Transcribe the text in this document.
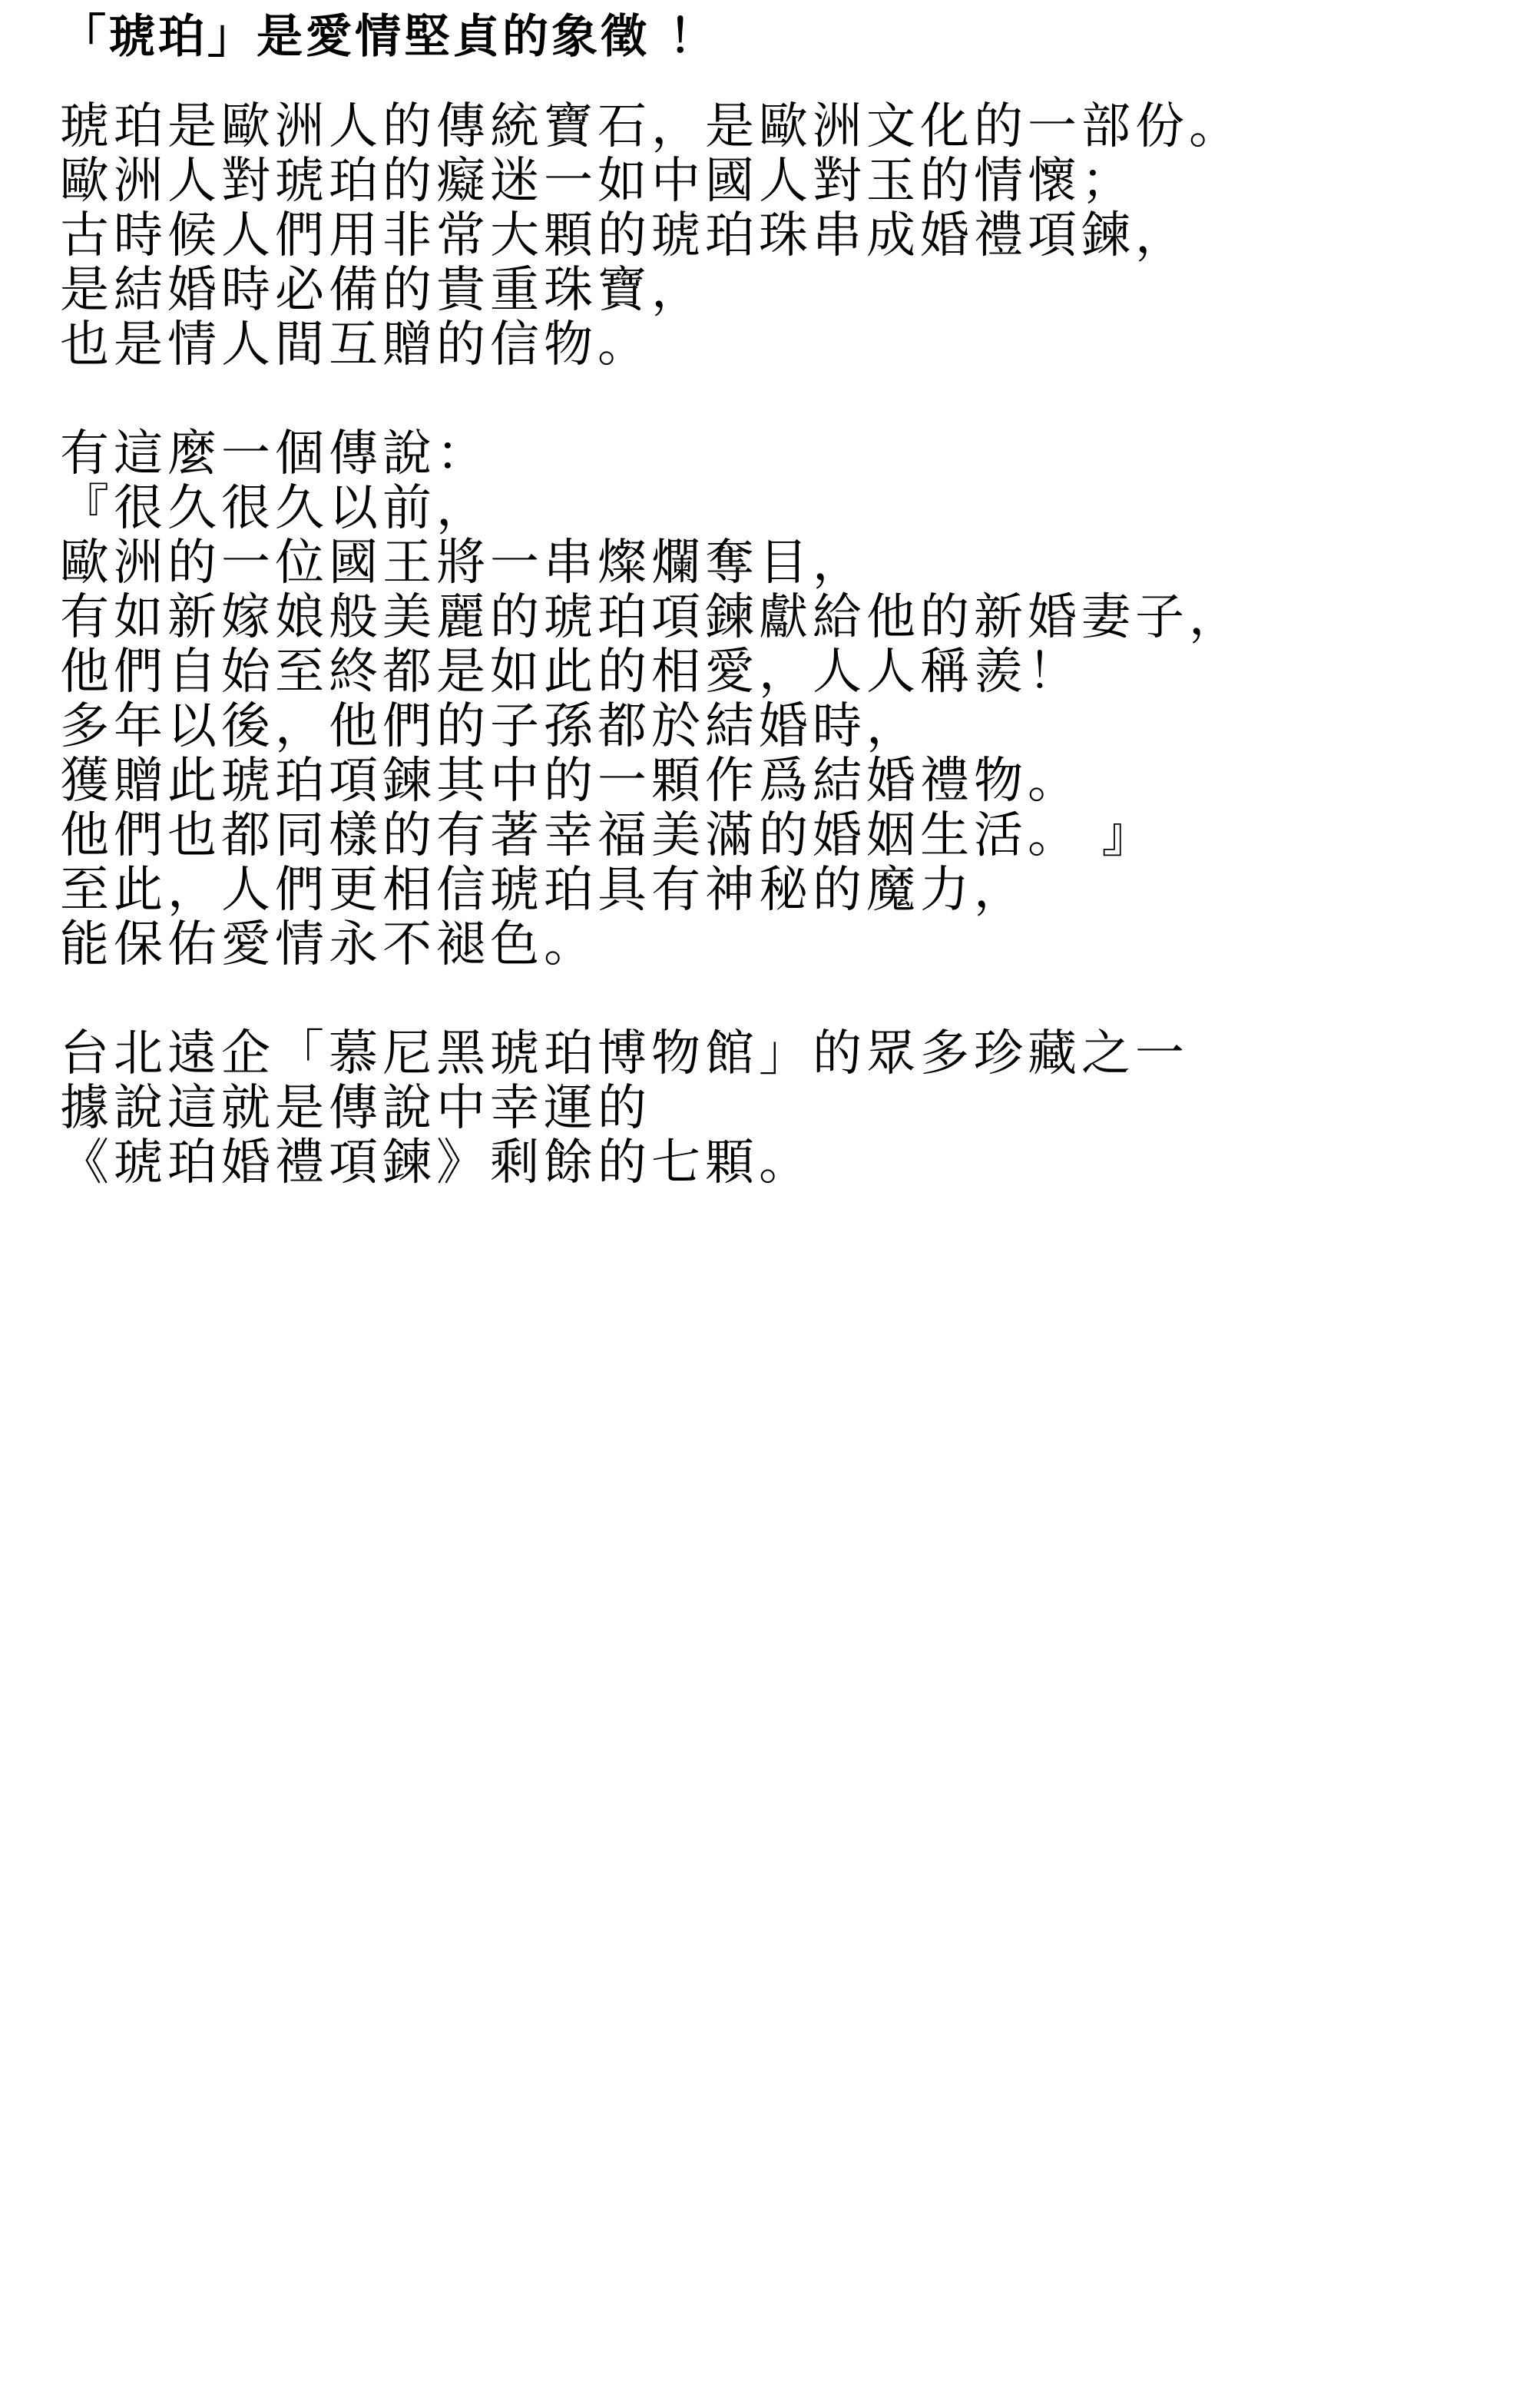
「琥珀」是愛情堅貞的象徵 ！
琥珀是歐洲人的傳統寶石，是歐洲文化的一部份。
歐洲人對琥珀的癡迷一如中國人對玉的情懷；
古時候人們用非常大顆的琥珀珠串成婚禮項鍊，
是結婚時必備的貴重珠寶，
也是情人間互贈的信物。
有這麼一個傳說：
『很久很久以前，
歐洲的一位國王將一串燦爛奪目，
有如新嫁娘般美麗的琥珀項鍊獻給他的新婚妻子，
他們自始至終都是如此的相愛，人人稱羨！
多年以後，他們的子孫都於結婚時，
獲贈此琥珀項鍊其中的一顆作爲結婚禮物。
他們也都同樣的有著幸福美滿的婚姻生活。 』
至此，人們更相信琥珀具有神秘的魔力，
能保佑愛情永不褪色。
台北遠企「慕尼黑琥珀博物館」的眾多珍藏之一
據說這就是傳說中幸運的
《琥珀婚禮項鍊》剩餘的七顆。
